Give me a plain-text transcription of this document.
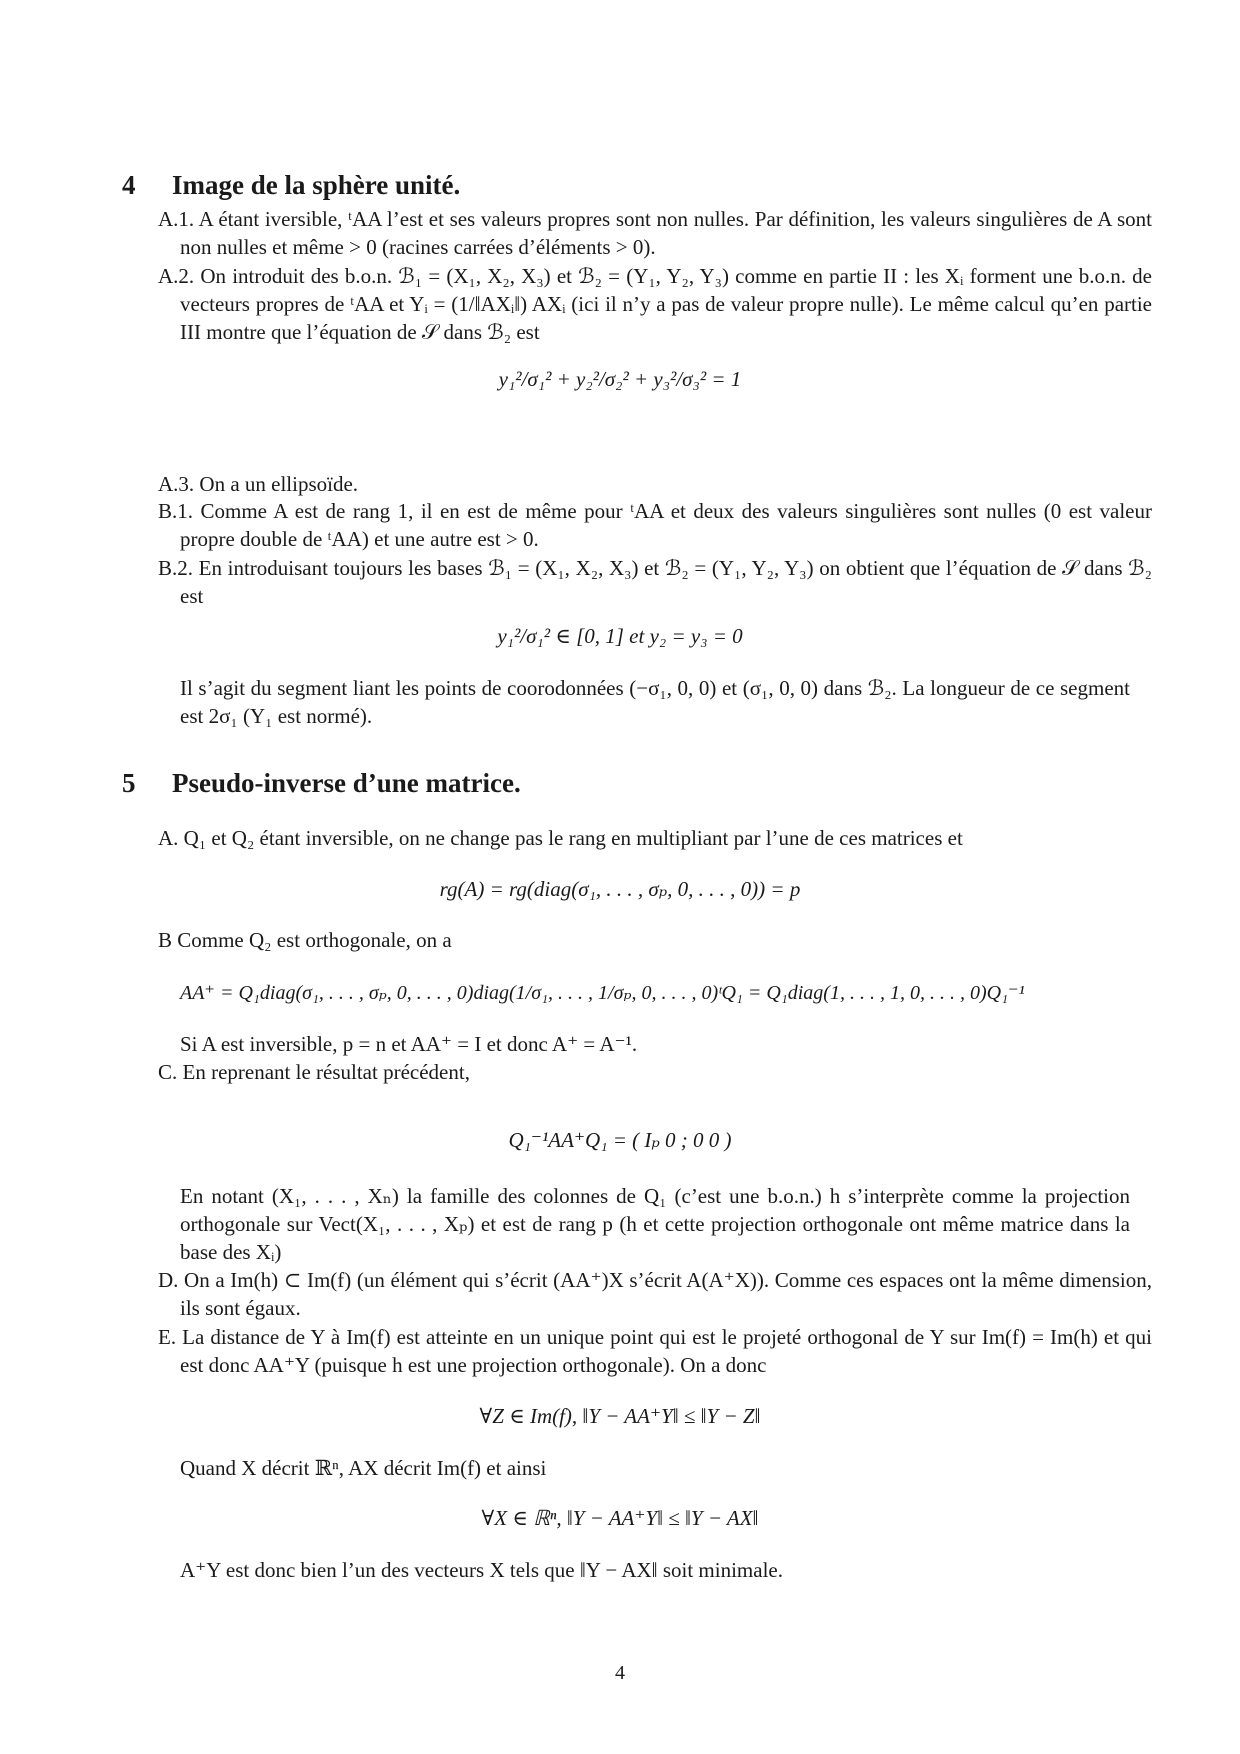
4 Image de la sphère unité.
A.1. A étant iversible, ᵗAA l’est et ses valeurs propres sont non nulles. Par définition, les valeurs singulières de A sont non nulles et même > 0 (racines carrées d’éléments > 0).
A.2. On introduit des b.o.n. ℬ₁ = (X₁, X₂, X₃) et ℬ₂ = (Y₁, Y₂, Y₃) comme en partie II : les Xᵢ forment une b.o.n. de vecteurs propres de ᵗAA et Yᵢ = (1/‖AXᵢ‖) AXᵢ (ici il n’y a pas de valeur propre nulle). Le même calcul qu’en partie III montre que l’équation de 𝒮 dans ℬ₂ est
y₁²/σ₁² + y₂²/σ₂² + y₃²/σ₃² = 1
A.3. On a un ellipsoïde.
B.1. Comme A est de rang 1, il en est de même pour ᵗAA et deux des valeurs singulières sont nulles (0 est valeur propre double de ᵗAA) et une autre est > 0.
B.2. En introduisant toujours les bases ℬ₁ = (X₁, X₂, X₃) et ℬ₂ = (Y₁, Y₂, Y₃) on obtient que l’équation de 𝒮 dans ℬ₂ est
y₁²/σ₁² ∈ [0, 1] et y₂ = y₃ = 0
Il s’agit du segment liant les points de coorodonnées (−σ₁, 0, 0) et (σ₁, 0, 0) dans ℬ₂. La longueur de ce segment est 2σ₁ (Y₁ est normé).
5 Pseudo-inverse d’une matrice.
A. Q₁ et Q₂ étant inversible, on ne change pas le rang en multipliant par l’une de ces matrices et
rg(A) = rg(diag(σ₁, . . . , σₚ, 0, . . . , 0)) = p
B Comme Q₂ est orthogonale, on a
AA⁺ = Q₁diag(σ₁, . . . , σₚ, 0, . . . , 0)diag(1/σ₁, . . . , 1/σₚ, 0, . . . , 0)ᵗQ₁ = Q₁diag(1, . . . , 1, 0, . . . , 0)Q₁⁻¹
Si A est inversible, p = n et AA⁺ = I et donc A⁺ = A⁻¹.
C. En reprenant le résultat précédent,
Q₁⁻¹AA⁺Q₁ = ( Iₚ 0 ; 0 0 )
En notant (X₁, . . . , Xₙ) la famille des colonnes de Q₁ (c’est une b.o.n.) h s’interprète comme la projection orthogonale sur Vect(X₁, . . . , Xₚ) et est de rang p (h et cette projection orthogonale ont même matrice dans la base des Xᵢ)
D. On a Im(h) ⊂ Im(f) (un élément qui s’écrit (AA⁺)X s’écrit A(A⁺X)). Comme ces espaces ont la même dimension, ils sont égaux.
E. La distance de Y à Im(f) est atteinte en un unique point qui est le projeté orthogonal de Y sur Im(f) = Im(h) et qui est donc AA⁺Y (puisque h est une projection orthogonale). On a donc
∀Z ∈ Im(f), ‖Y − AA⁺Y‖ ≤ ‖Y − Z‖
Quand X décrit ℝⁿ, AX décrit Im(f) et ainsi
∀X ∈ ℝⁿ, ‖Y − AA⁺Y‖ ≤ ‖Y − AX‖
A⁺Y est donc bien l’un des vecteurs X tels que ‖Y − AX‖ soit minimale.
4
